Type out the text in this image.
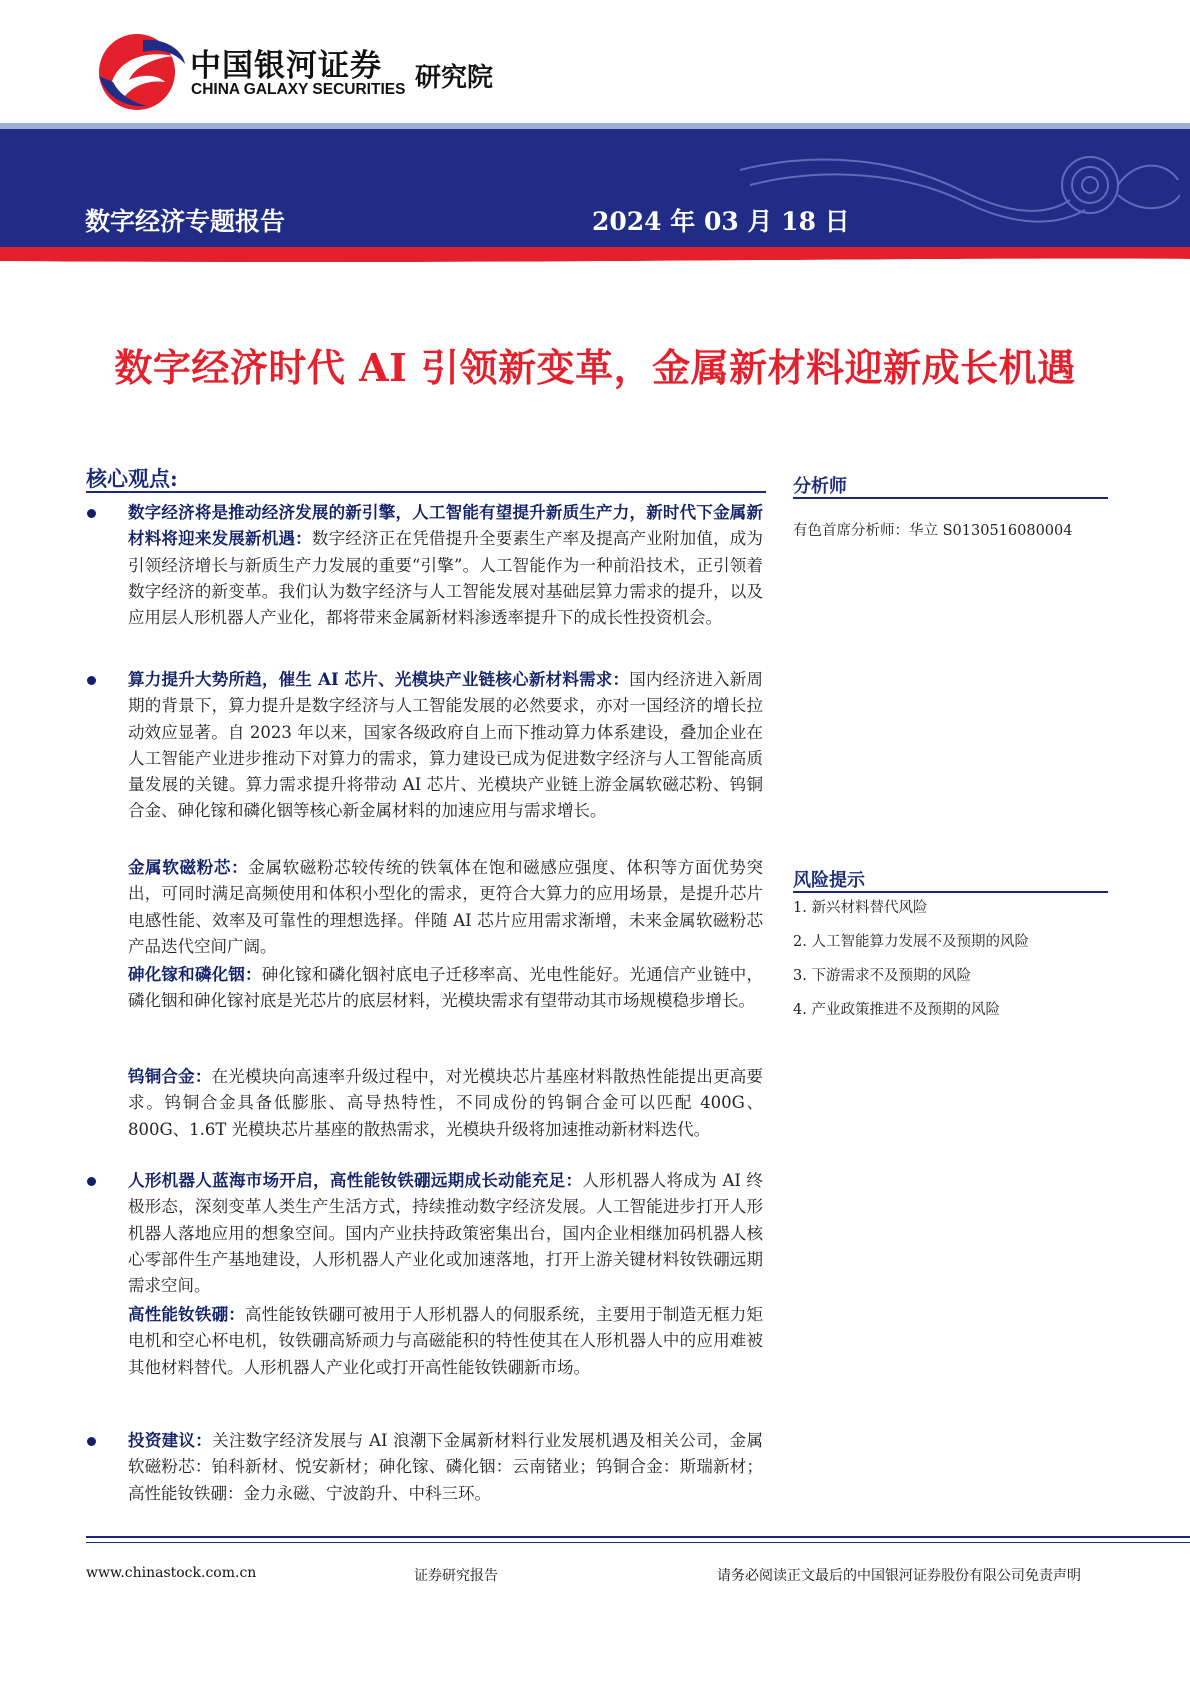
中国银河证券
CHINA GALAXY SECURITIES 研究院
数字经济专题报告	2024 年 03 月 18 日
数字经济时代 AI 引领新变革，金属新材料迎新成长机遇
核心观点:
数字经济将是推动经济发展的新引擎，人工智能有望提升新质生产力，新时代下金属新材料将迎来发展新机遇：数字经济正在凭借提升全要素生产率及提高产业附加值，成为引领经济增长与新质生产力发展的重要“引擎”。人工智能作为一种前沿技术，正引领着数字经济的新变革。我们认为数字经济与人工智能发展对基础层算力需求的提升，以及应用层人形机器人产业化，都将带来金属新材料渗透率提升下的成长性投资机会。
算力提升大势所趋，催生 AI 芯片、光模块产业链核心新材料需求：国内经济进入新周期的背景下，算力提升是数字经济与人工智能发展的必然要求，亦对一国经济的增长拉动效应显著。自 2023 年以来，国家各级政府自上而下推动算力体系建设，叠加企业在人工智能产业进步推动下对算力的需求，算力建设已成为促进数字经济与人工智能高质量发展的关键。算力需求提升将带动 AI 芯片、光模块产业链上游金属软磁芯粉、钨铜合金、砷化镓和磷化铟等核心新金属材料的加速应用与需求增长。
金属软磁粉芯：金属软磁粉芯较传统的铁氧体在饱和磁感应强度、体积等方面优势突出，可同时满足高频使用和体积小型化的需求，更符合大算力的应用场景，是提升芯片电感性能、效率及可靠性的理想选择。伴随 AI 芯片应用需求渐增，未来金属软磁粉芯产品迭代空间广阔。
砷化镓和磷化铟：砷化镓和磷化铟衬底电子迁移率高、光电性能好。光通信产业链中，磷化铟和砷化镓衬底是光芯片的底层材料，光模块需求有望带动其市场规模稳步增长。
钨铜合金：在光模块向高速率升级过程中，对光模块芯片基座材料散热性能提出更高要求。钨铜合金具备低膨胀、高导热特性，不同成份的钨铜合金可以匹配 400G、800G、1.6T 光模块芯片基座的散热需求，光模块升级将加速推动新材料迭代。
人形机器人蓝海市场开启，高性能钕铁硼远期成长动能充足：人形机器人将成为 AI 终极形态，深刻变革人类生产生活方式，持续推动数字经济发展。人工智能进步打开人形机器人落地应用的想象空间。国内产业扶持政策密集出台，国内企业相继加码机器人核心零部件生产基地建设，人形机器人产业化或加速落地，打开上游关键材料钕铁硼远期需求空间。
高性能钕铁硼：高性能钕铁硼可被用于人形机器人的伺服系统，主要用于制造无框力矩电机和空心杯电机，钕铁硼高矫顽力与高磁能积的特性使其在人形机器人中的应用难被其他材料替代。人形机器人产业化或打开高性能钕铁硼新市场。
投资建议：关注数字经济发展与 AI 浪潮下金属新材料行业发展机遇及相关公司，金属软磁粉芯：铂科新材、悦安新材；砷化镓、磷化铟：云南锗业；钨铜合金：斯瑞新材；高性能钕铁硼：金力永磁、宁波韵升、中科三环。
分析师
有色首席分析师：华立 S0130516080004
风险提示
1. 新兴材料替代风险
2. 人工智能算力发展不及预期的风险
3. 下游需求不及预期的风险
4. 产业政策推进不及预期的风险
www.chinastock.com.cn	证券研究报告	请务必阅读正文最后的中国银河证券股份有限公司免责声明
